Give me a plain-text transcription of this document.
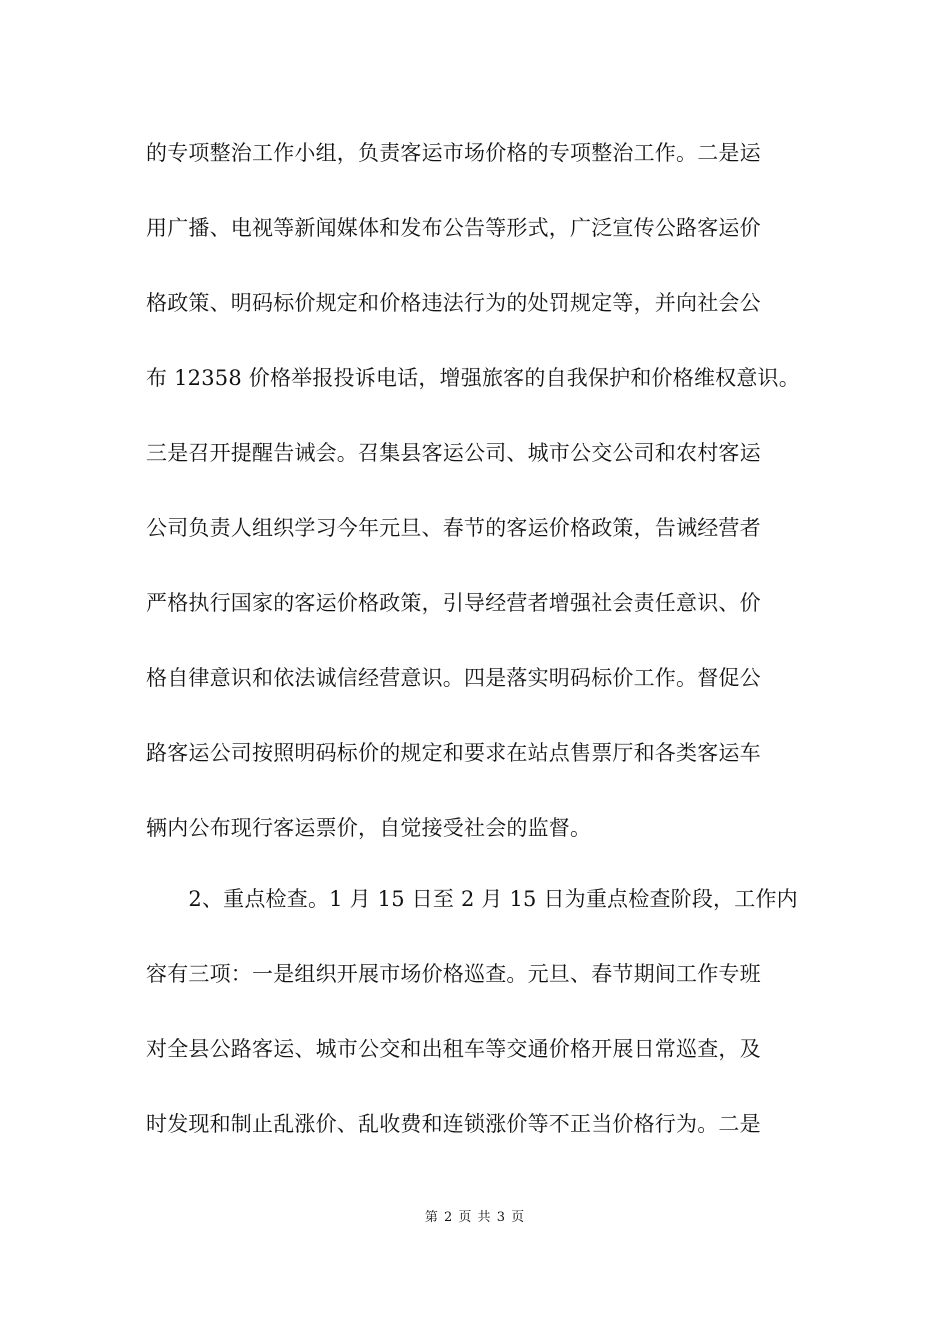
的专项整治工作小组，负责客运市场价格的专项整治工作。二是运
用广播、电视等新闻媒体和发布公告等形式，广泛宣传公路客运价
格政策、明码标价规定和价格违法行为的处罚规定等，并向社会公
布 12358 价格举报投诉电话，增强旅客的自我保护和价格维权意识。
三是召开提醒告诫会。召集县客运公司、城市公交公司和农村客运
公司负责人组织学习今年元旦、春节的客运价格政策，告诫经营者
严格执行国家的客运价格政策，引导经营者增强社会责任意识、价
格自律意识和依法诚信经营意识。四是落实明码标价工作。督促公
路客运公司按照明码标价的规定和要求在站点售票厅和各类客运车
辆内公布现行客运票价，自觉接受社会的监督。
　　2、重点检查。1 月 15 日至 2 月 15 日为重点检查阶段，工作内
容有三项：一是组织开展市场价格巡查。元旦、春节期间工作专班
对全县公路客运、城市公交和出租车等交通价格开展日常巡查，及
时发现和制止乱涨价、乱收费和连锁涨价等不正当价格行为。二是
第 2 页 共 3 页
